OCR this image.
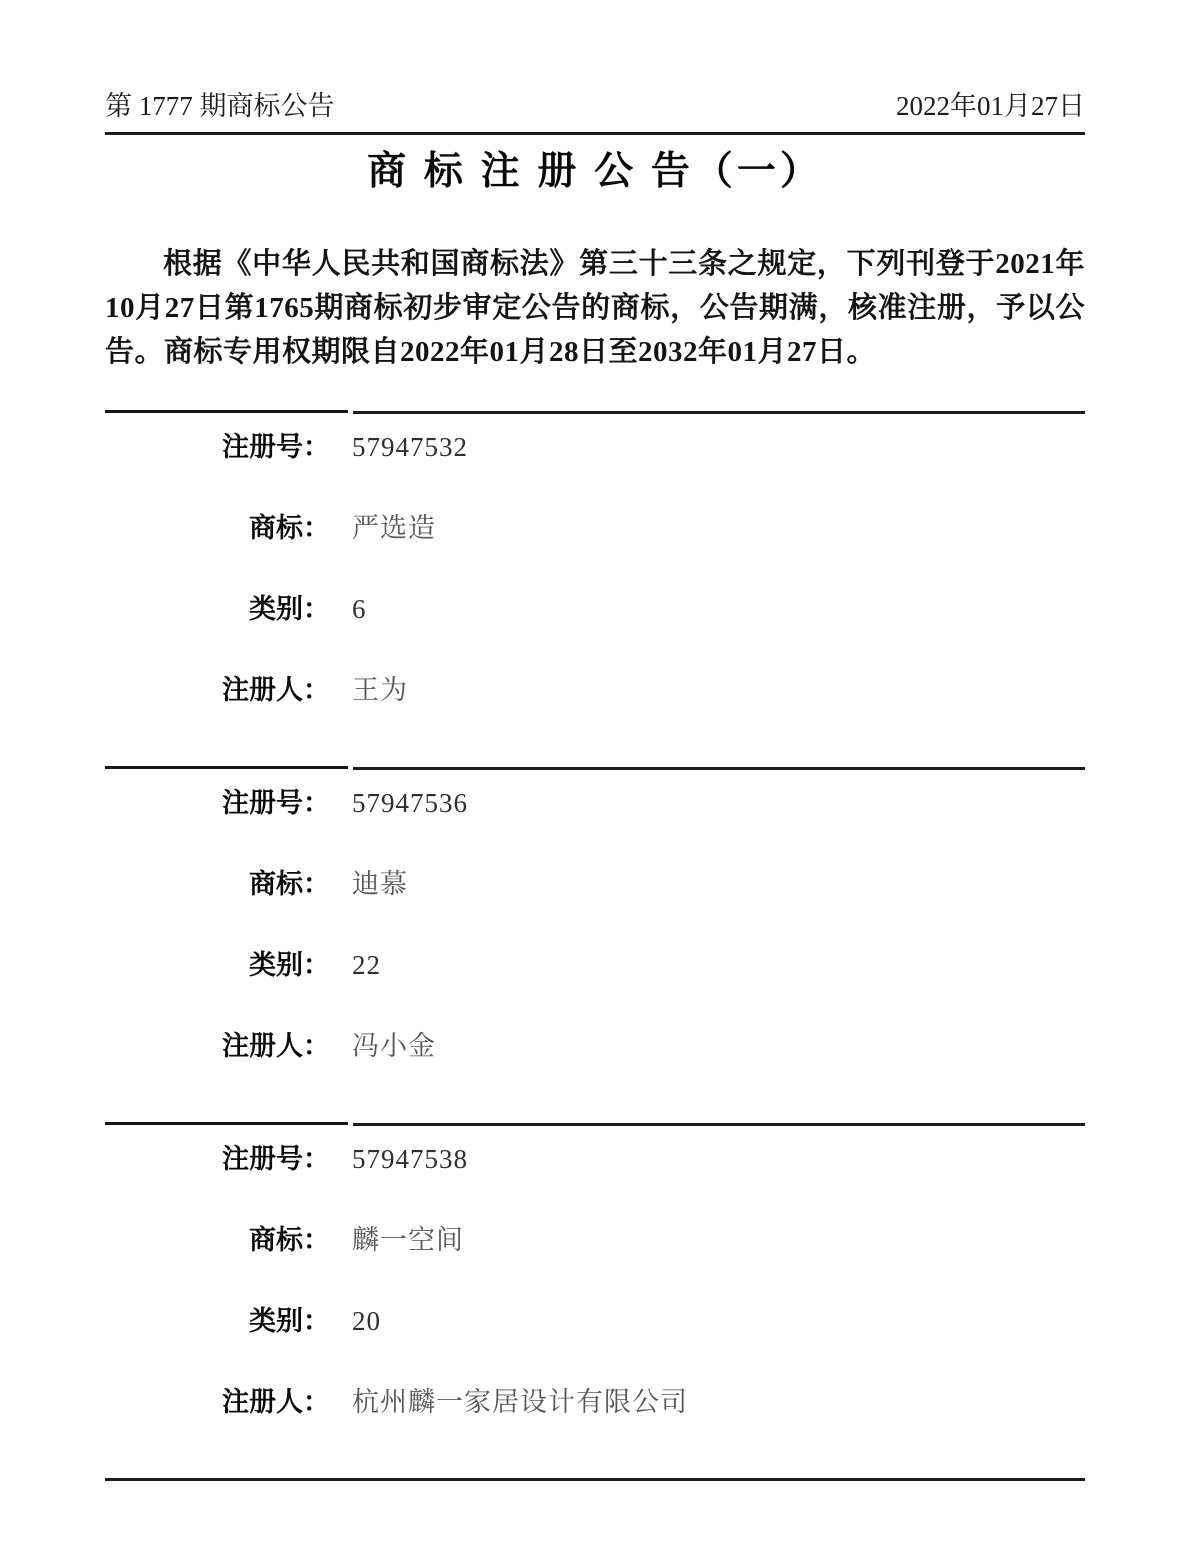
第 1777 期商标公告	2022年01月27日
商 标 注 册 公 告（一）

根据《中华人民共和国商标法》第三十三条之规定，下列刊登于2021年10月27日第1765期商标初步审定公告的商标，公告期满，核准注册，予以公告。商标专用权期限自2022年01月28日至2032年01月27日。

注册号： 57947532
商标： 严选造
类别： 6
注册人： 王为
注册号： 57947536
商标： 迪慕
类别： 22
注册人： 冯小金
注册号： 57947538
商标： 麟一空间
类别： 20
注册人： 杭州麟一家居设计有限公司
